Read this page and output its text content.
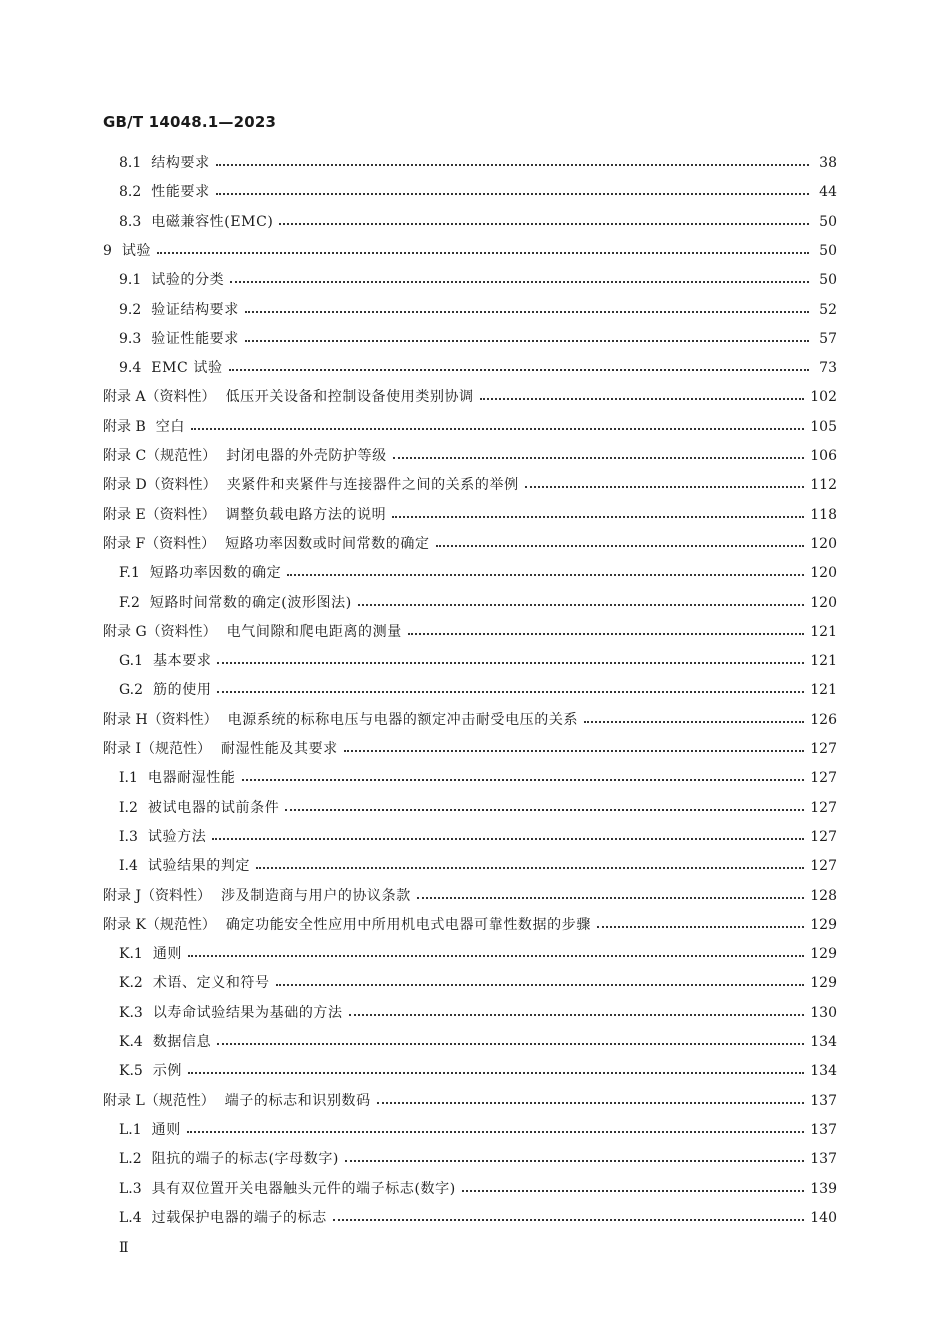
GB/T 14048.1—2023
8.1 结构要求	38
8.2 性能要求	44
8.3 电磁兼容性(EMC)	50
9 试验	50
9.1 试验的分类	50
9.2 验证结构要求	52
9.3 验证性能要求	57
9.4 EMC 试验	73
附录 A（资料性） 低压开关设备和控制设备使用类别协调	102
附录 B 空白	105
附录 C（规范性） 封闭电器的外壳防护等级	106
附录 D（资料性） 夹紧件和夹紧件与连接器件之间的关系的举例	112
附录 E（资料性） 调整负载电路方法的说明	118
附录 F（资料性） 短路功率因数或时间常数的确定	120
F.1 短路功率因数的确定	120
F.2 短路时间常数的确定(波形图法)	120
附录 G（资料性） 电气间隙和爬电距离的测量	121
G.1 基本要求	121
G.2 筋的使用	121
附录 H（资料性） 电源系统的标称电压与电器的额定冲击耐受电压的关系	126
附录 I（规范性） 耐湿性能及其要求	127
I.1 电器耐湿性能	127
I.2 被试电器的试前条件	127
I.3 试验方法	127
I.4 试验结果的判定	127
附录 J（资料性） 涉及制造商与用户的协议条款	128
附录 K（规范性） 确定功能安全性应用中所用机电式电器可靠性数据的步骤	129
K.1 通则	129
K.2 术语、定义和符号	129
K.3 以寿命试验结果为基础的方法	130
K.4 数据信息	134
K.5 示例	134
附录 L（规范性） 端子的标志和识别数码	137
L.1 通则	137
L.2 阻抗的端子的标志(字母数字)	137
L.3 具有双位置开关电器触头元件的端子标志(数字)	139
L.4 过载保护电器的端子的标志	140
Ⅱ
